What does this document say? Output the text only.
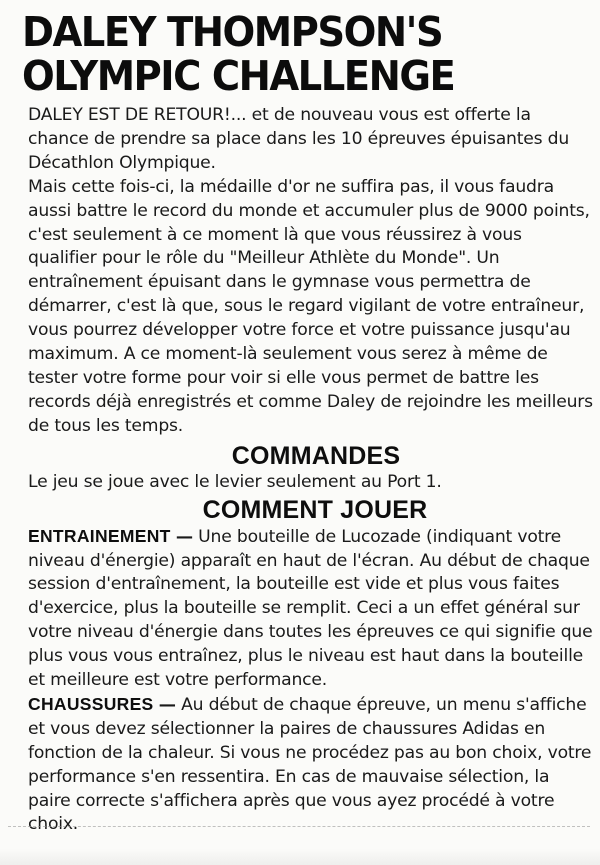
DALEY THOMPSON'S
OLYMPIC CHALLENGE

DALEY EST DE RETOUR!... et de nouveau vous est offerte la chance de prendre sa place dans les 10 épreuves épuisantes du Décathlon Olympique.

Mais cette fois-ci, la médaille d'or ne suffira pas, il vous faudra aussi battre le record du monde et accumuler plus de 9000 points, c'est seulement à ce moment là que vous réussirez à vous qualifier pour le rôle du "Meilleur Athlète du Monde". Un entraînement épuisant dans le gymnase vous permettra de démarrer, c'est là que, sous le regard vigilant de votre entraîneur, vous pourrez développer votre force et votre puissance jusqu'au maximum. A ce moment-là seulement vous serez à même de tester votre forme pour voir si elle vous permet de battre les records déjà enregistrés et comme Daley de rejoindre les meilleurs de tous les temps.

COMMANDES

Le jeu se joue avec le levier seulement au Port 1.

COMMENT JOUER

ENTRAINEMENT — Une bouteille de Lucozade (indiquant votre niveau d'énergie) apparaît en haut de l'écran. Au début de chaque session d'entraînement, la bouteille est vide et plus vous faites d'exercice, plus la bouteille se remplit. Ceci a un effet général sur votre niveau d'énergie dans toutes les épreuves ce qui signifie que plus vous vous entraînez, plus le niveau est haut dans la bouteille et meilleure est votre performance.

CHAUSSURES — Au début de chaque épreuve, un menu s'affiche et vous devez sélectionner la paires de chaussures Adidas en fonction de la chaleur. Si vous ne procédez pas au bon choix, votre performance s'en ressentira. En cas de mauvaise sélection, la paire correcte s'affichera après que vous ayez procédé à votre choix.
